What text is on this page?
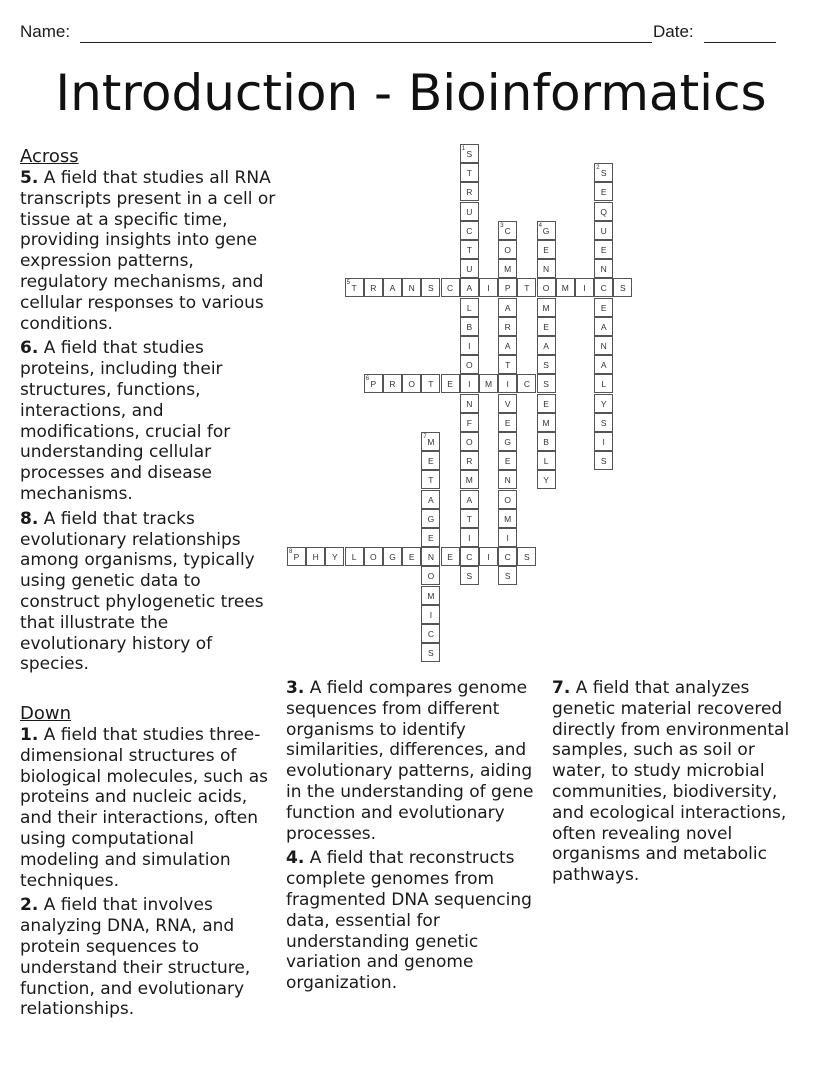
Name:	Date:
Introduction - Bioinformatics
Across
5. A field that studies all RNA transcripts present in a cell or tissue at a specific time, providing insights into gene expression patterns, regulatory mechanisms, and cellular responses to various conditions.
6. A field that studies proteins, including their structures, functions, interactions, and modifications, crucial for understanding cellular processes and disease mechanisms.
8. A field that tracks evolutionary relationships among organisms, typically using genetic data to construct phylogenetic trees that illustrate the evolutionary history of species.
Down
1. A field that studies three-dimensional structures of biological molecules, such as proteins and nucleic acids, and their interactions, often using computational modeling and simulation techniques.
2. A field that involves analyzing DNA, RNA, and protein sequences to understand their structure, function, and evolutionary relationships.
3. A field compares genome sequences from different organisms to identify similarities, differences, and evolutionary patterns, aiding in the understanding of gene function and evolutionary processes.
4. A field that reconstructs complete genomes from fragmented DNA sequencing data, essential for understanding genetic variation and genome organization.
7. A field that analyzes genetic material recovered directly from environmental samples, such as soil or water, to study microbial communities, biodiversity, and ecological interactions, often revealing novel organisms and metabolic pathways.
S
1
T
R
U
C
T
U
A
L
B
I
O
I
N
F
O
R
M
A
T
I
C
S
S
2
E
Q
U
E
N
C
E
A
N
A
L
Y
S
I
S
C
3
O
M
P
A
R
A
T
I
V
E
G
E
N
O
M
I
C
S
G
4
E
N
O
M
E
A
S
S
E
M
B
L
Y
T
5	R	A	N	S	C	I	T	M	I	S
P
6	R	O	T	E	M	C
M
7
E
T
A
G
E
N
O
M
I
C
S
P
8	H	Y	L	O	G	E	E	I	S
